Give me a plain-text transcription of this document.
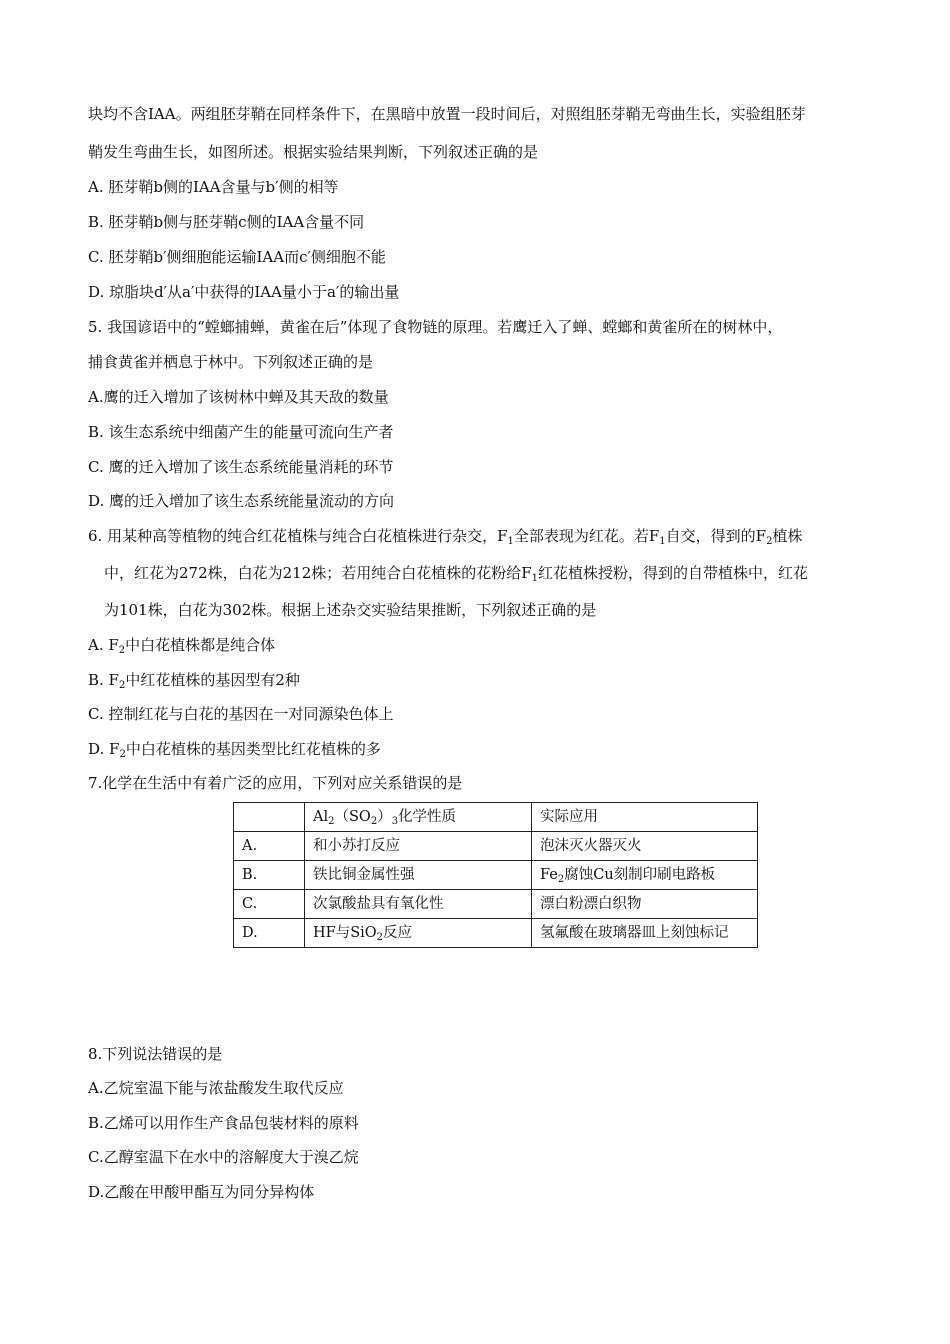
块均不含IAA。两组胚芽鞘在同样条件下，在黑暗中放置一段时间后，对照组胚芽鞘无弯曲生长，实验组胚芽
鞘发生弯曲生长，如图所述。根据实验结果判断，下列叙述正确的是
A. 胚芽鞘b侧的IAA含量与b′侧的相等
B. 胚芽鞘b侧与胚芽鞘c侧的IAA含量不同
C. 胚芽鞘b′侧细胞能运输IAA而c′侧细胞不能
D. 琼脂块d′从a′中获得的IAA量小于a′的输出量
5. 我国谚语中的“螳螂捕蝉，黄雀在后”体现了食物链的原理。若鹰迁入了蝉、螳螂和黄雀所在的树林中，
捕食黄雀并栖息于林中。下列叙述正确的是
A.鹰的迁入增加了该树林中蝉及其天敌的数量
B. 该生态系统中细菌产生的能量可流向生产者
C. 鹰的迁入增加了该生态系统能量消耗的环节
D. 鹰的迁入增加了该生态系统能量流动的方向
6. 用某种高等植物的纯合红花植株与纯合白花植株进行杂交，$F_1$全部表现为红花。若$F_1$自交，得到的$F_2$植株
中，红花为272株，白花为212株；若用纯合白花植株的花粉给$F_1$红花植株授粉，得到的自带植株中，红花
为101株，白花为302株。根据上述杂交实验结果推断，下列叙述正确的是
A. $F_2$中白花植株都是纯合体
B. $F_2$中红花植株的基因型有2种
C. 控制红花与白花的基因在一对同源染色体上
D. $F_2$中白花植株的基因类型比红花植株的多
7.化学在生活中有着广泛的应用，下列对应关系错误的是
	$Al_2(SO_2)_3$化学性质	实际应用
A.	和小苏打反应	泡沫灭火器灭火
B.	铁比铜金属性强	$Fe_2$腐蚀Cu刻制印刷电路板
C.	次氯酸盐具有氧化性	漂白粉漂白织物
D.	HF与SiO$_2$反应	氢氟酸在玻璃器皿上刻蚀标记
8.下列说法错误的是
A.乙烷室温下能与浓盐酸发生取代反应
B.乙烯可以用作生产食品包装材料的原料
C.乙醇室温下在水中的溶解度大于溴乙烷
D.乙酸在甲酸甲酯互为同分异构体
